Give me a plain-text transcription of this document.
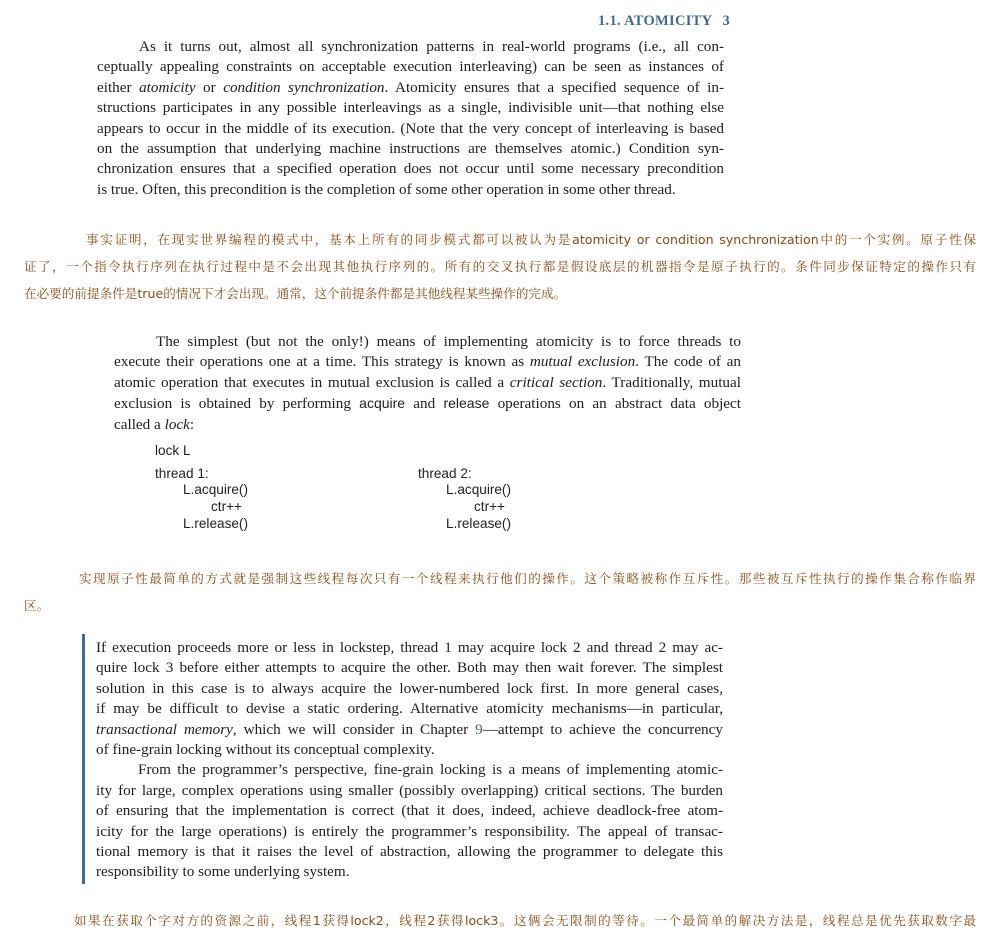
1.1. ATOMICITY 3
As it turns out, almost all synchronization patterns in real-world programs (i.e., all con-
ceptually appealing constraints on acceptable execution interleaving) can be seen as instances of
either atomicity or condition synchronization. Atomicity ensures that a specified sequence of in-
structions participates in any possible interleavings as a single, indivisible unit—that nothing else
appears to occur in the middle of its execution. (Note that the very concept of interleaving is based
on the assumption that underlying machine instructions are themselves atomic.) Condition syn-
chronization ensures that a specified operation does not occur until some necessary precondition
is true. Often, this precondition is the completion of some other operation in some other thread.
事实证明，在现实世界编程的模式中，基本上所有的同步模式都可以被认为是atomicity or condition synchronization中的一个实例。原子性保
证了，一个指令执行序列在执行过程中是不会出现其他执行序列的。所有的交叉执行都是假设底层的机器指令是原子执行的。条件同步保证特定的操作只有
在必要的前提条件是true的情况下才会出现。通常，这个前提条件都是其他线程某些操作的完成。
The simplest (but not the only!) means of implementing atomicity is to force threads to
execute their operations one at a time. This strategy is known as mutual exclusion. The code of an
atomic operation that executes in mutual exclusion is called a critical section. Traditionally, mutual
exclusion is obtained by performing acquire and release operations on an abstract data object
called a lock:
lock L
thread 1:
L.acquire()
ctr++
L.release()
thread 2:
L.acquire()
ctr++
L.release()
实现原子性最简单的方式就是强制这些线程每次只有一个线程来执行他们的操作。这个策略被称作互斥性。那些被互斥性执行的操作集合称作临界
区。
If execution proceeds more or less in lockstep, thread 1 may acquire lock 2 and thread 2 may ac-
quire lock 3 before either attempts to acquire the other. Both may then wait forever. The simplest
solution in this case is to always acquire the lower-numbered lock first. In more general cases,
if may be difficult to devise a static ordering. Alternative atomicity mechanisms—in particular,
transactional memory, which we will consider in Chapter 9—attempt to achieve the concurrency
of fine-grain locking without its conceptual complexity.
From the programmer’s perspective, fine-grain locking is a means of implementing atomic-
ity for large, complex operations using smaller (possibly overlapping) critical sections. The burden
of ensuring that the implementation is correct (that it does, indeed, achieve deadlock-free atom-
icity for the large operations) is entirely the programmer’s responsibility. The appeal of transac-
tional memory is that it raises the level of abstraction, allowing the programmer to delegate this
responsibility to some underlying system.
如果在获取个字对方的资源之前，线程1获得lock2，线程2获得lock3。这俩会无限制的等待。一个最简单的解决方法是，线程总是优先获取数字最
